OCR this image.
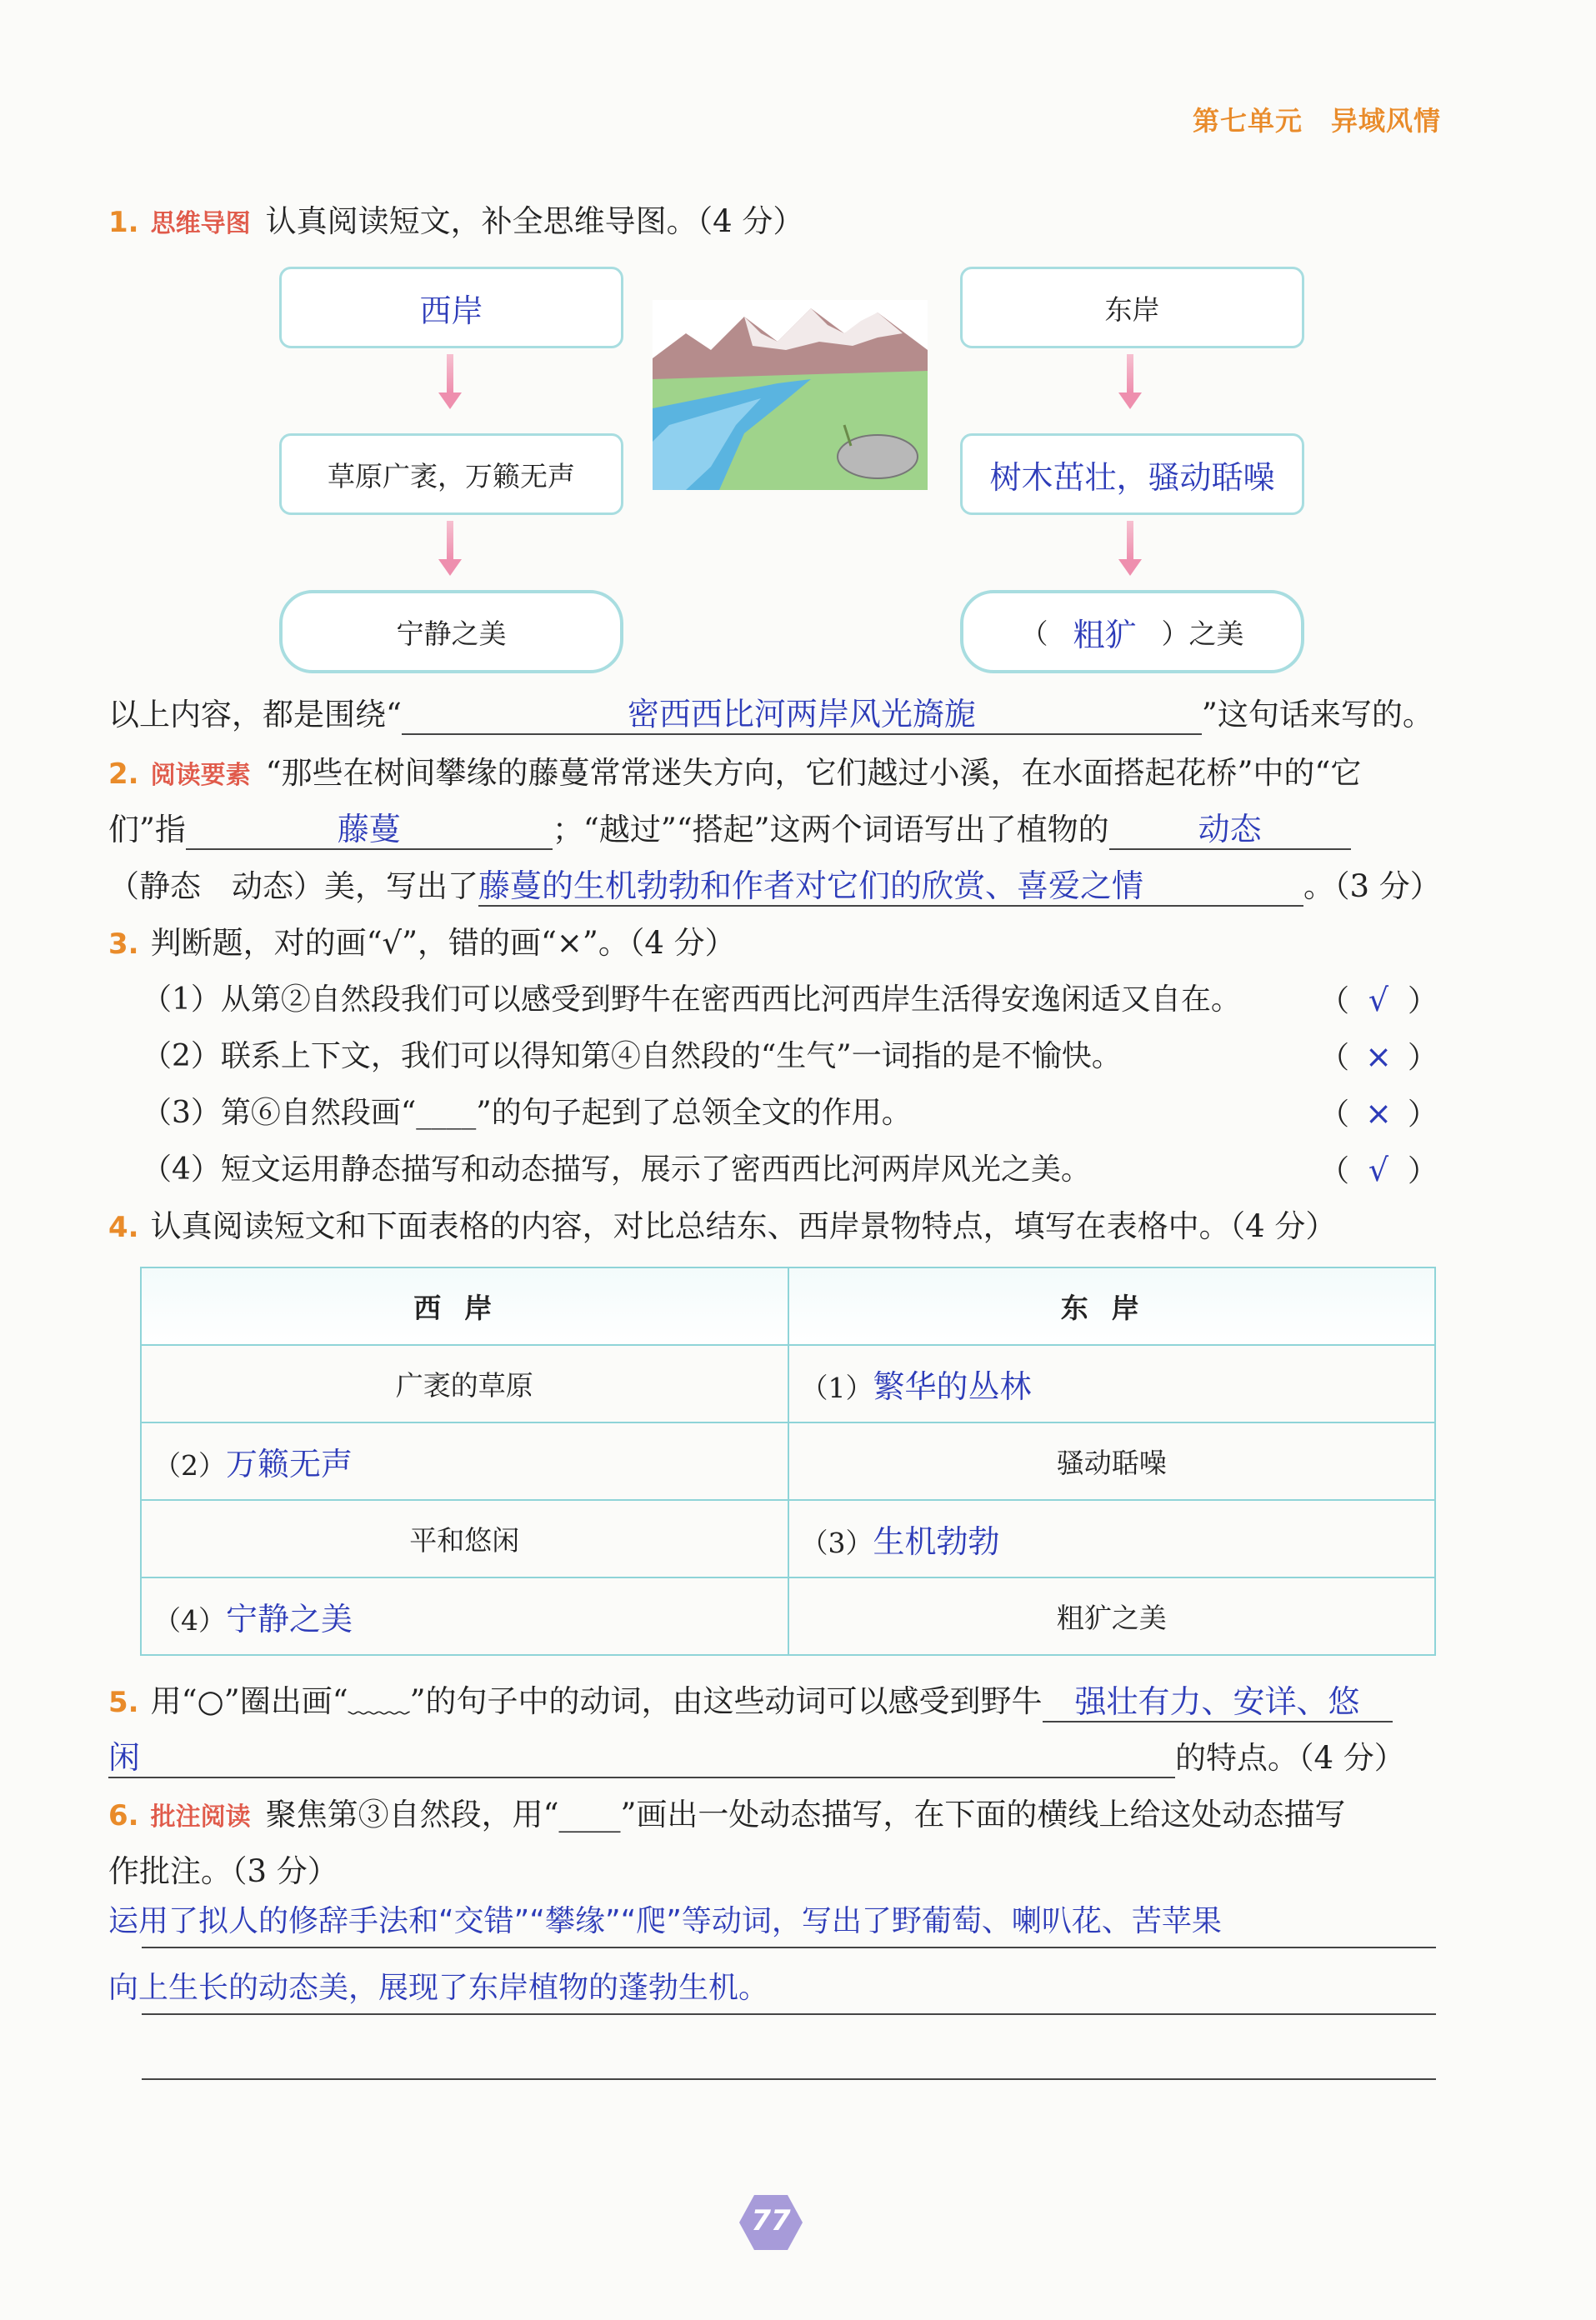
第七单元 异域风情
1. 思维导图 认真阅读短文，补全思维导图。（4 分）
西岸	东岸
草原广袤，万籁无声	树木茁壮，骚动聒噪
宁静之美	（ 粗犷 ）之美
以上内容，都是围绕“	密西西比河两岸风光旖旎	”这句话来写的。
2. 阅读要素 “那些在树间攀缘的藤蔓常常迷失方向，它们越过小溪，在水面搭起花桥”中的“它
们”指	藤蔓	；“越过”“搭起”这两个词语写出了植物的	动态
（静态　动态）美，写出了藤蔓的生机勃勃和作者对它们的欣赏、喜爱之情	。（3 分）
3. 判断题，对的画“√”，错的画“×”。（4 分）
（1）从第②自然段我们可以感受到野牛在密西西比河西岸生活得安逸闲适又自在。	（ √ ）
（2）联系上下文，我们可以得知第④自然段的“生气”一词指的是不愉快。	（ × ）
（3）第⑥自然段画“____”的句子起到了总领全文的作用。	（ × ）
（4）短文运用静态描写和动态描写，展示了密西西比河两岸风光之美。	（ √ ）
4. 认真阅读短文和下面表格的内容，对比总结东、西岸景物特点，填写在表格中。（4 分）
西岸	东岸
广袤的草原	（1）繁华的丛林
（2）万籁无声	骚动聒噪
平和悠闲	（3）生机勃勃
（4）宁静之美	粗犷之美
5. 用“○”圈出画“﹏﹏”的句子中的动词，由这些动词可以感受到野牛 强壮有力、安详、悠
闲	的特点。（4 分）
6. 批注阅读 聚焦第③自然段，用“____”画出一处动态描写，在下面的横线上给这处动态描写
作批注。（3 分）
运用了拟人的修辞手法和“交错”“攀缘”“爬”等动词，写出了野葡萄、喇叭花、苦苹果
向上生长的动态美，展现了东岸植物的蓬勃生机。
77
